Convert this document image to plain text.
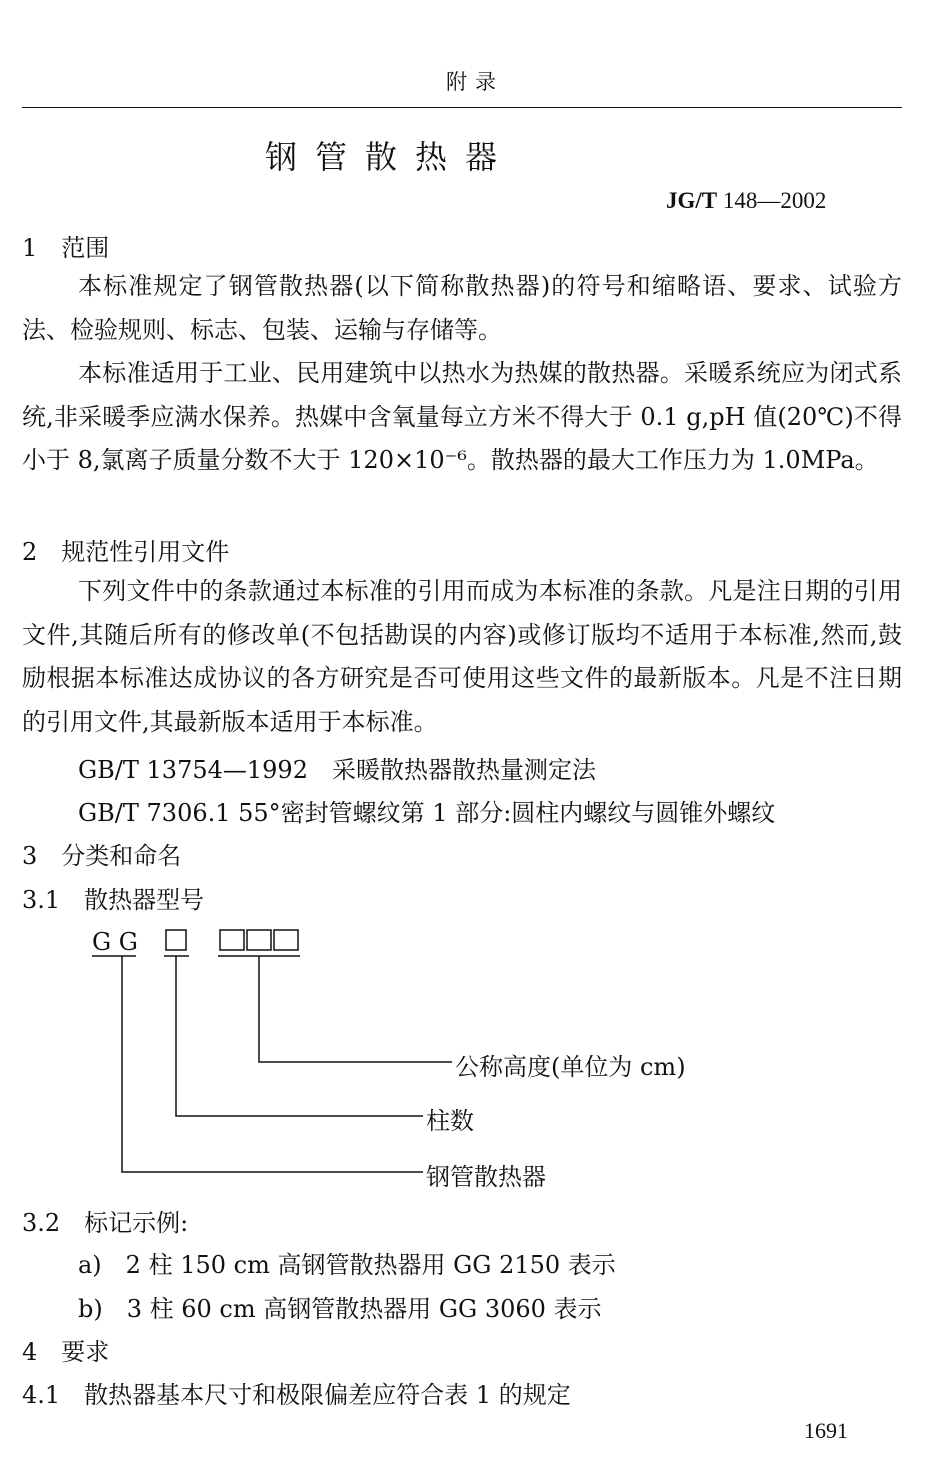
附录
钢管散热器
JG/T 148—2002
1　范围
本标准规定了钢管散热器(以下简称散热器)的符号和缩略语、要求、试验方法、检验规则、标志、包装、运输与存储等。
本标准适用于工业、民用建筑中以热水为热媒的散热器。采暖系统应为闭式系统,非采暖季应满水保养。热媒中含氧量每立方米不得大于 0.1 g,pH 值(20℃)不得小于 8,氯离子质量分数不大于 120×10⁻⁶。散热器的最大工作压力为 1.0MPa。
2　规范性引用文件
下列文件中的条款通过本标准的引用而成为本标准的条款。凡是注日期的引用文件,其随后所有的修改单(不包括勘误的内容)或修订版均不适用于本标准,然而,鼓励根据本标准达成协议的各方研究是否可使用这些文件的最新版本。凡是不注日期的引用文件,其最新版本适用于本标准。
GB/T 13754—1992　采暖散热器散热量测定法
GB/T 7306.1 55°密封管螺纹第 1 部分:圆柱内螺纹与圆锥外螺纹
3　分类和命名
3.1　散热器型号
G G
公称高度(单位为 cm)
柱数
钢管散热器
3.2　标记示例:
a)　2 柱 150 cm 高钢管散热器用 GG 2150 表示
b)　3 柱 60 cm 高钢管散热器用 GG 3060 表示
4　要求
4.1　散热器基本尺寸和极限偏差应符合表 1 的规定
1691
